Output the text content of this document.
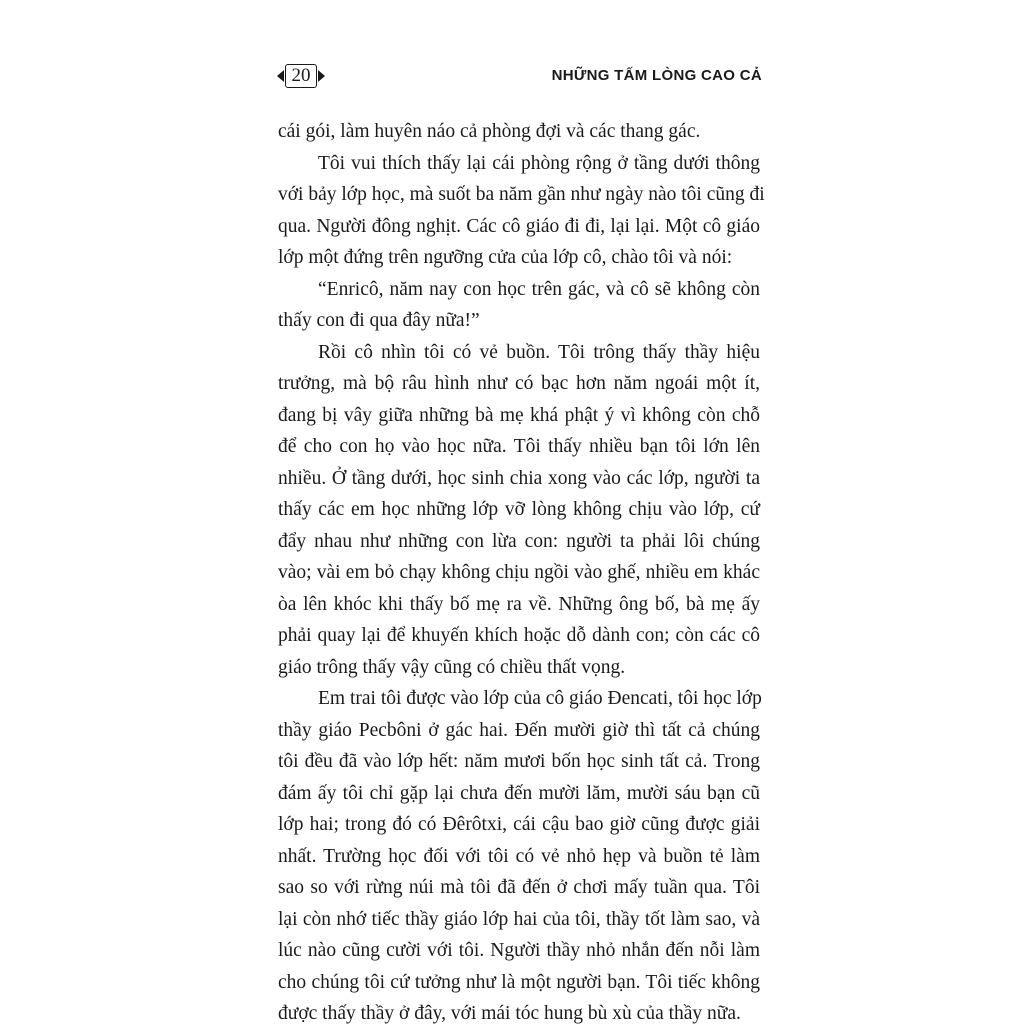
20	NHỮNG TẤM LÒNG CAO CẢ
cái gói, làm huyên náo cả phòng đợi và các thang gác.
Tôi vui thích thấy lại cái phòng rộng ở tầng dưới thông
với bảy lớp học, mà suốt ba năm gần như ngày nào tôi cũng đi
qua. Người đông nghịt. Các cô giáo đi đi, lại lại. Một cô giáo
lớp một đứng trên ngưỡng cửa của lớp cô, chào tôi và nói:
“Enricô, năm nay con học trên gác, và cô sẽ không còn
thấy con đi qua đây nữa!”
Rồi cô nhìn tôi có vẻ buồn. Tôi trông thấy thầy hiệu
trưởng, mà bộ râu hình như có bạc hơn năm ngoái một ít,
đang bị vây giữa những bà mẹ khá phật ý vì không còn chỗ
để cho con họ vào học nữa. Tôi thấy nhiều bạn tôi lớn lên
nhiều. Ở tầng dưới, học sinh chia xong vào các lớp, người ta
thấy các em học những lớp vỡ lòng không chịu vào lớp, cứ
đẩy nhau như những con lừa con: người ta phải lôi chúng
vào; vài em bỏ chạy không chịu ngồi vào ghế, nhiều em khác
òa lên khóc khi thấy bố mẹ ra về. Những ông bố, bà mẹ ấy
phải quay lại để khuyến khích hoặc dỗ dành con; còn các cô
giáo trông thấy vậy cũng có chiều thất vọng.
Em trai tôi được vào lớp của cô giáo Đencati, tôi học lớp
thầy giáo Pecbôni ở gác hai. Đến mười giờ thì tất cả chúng
tôi đều đã vào lớp hết: năm mươi bốn học sinh tất cả. Trong
đám ấy tôi chỉ gặp lại chưa đến mười lăm, mười sáu bạn cũ
lớp hai; trong đó có Đêrôtxi, cái cậu bao giờ cũng được giải
nhất. Trường học đối với tôi có vẻ nhỏ hẹp và buồn tẻ làm
sao so với rừng núi mà tôi đã đến ở chơi mấy tuần qua. Tôi
lại còn nhớ tiếc thầy giáo lớp hai của tôi, thầy tốt làm sao, và
lúc nào cũng cười với tôi. Người thầy nhỏ nhắn đến nỗi làm
cho chúng tôi cứ tưởng như là một người bạn. Tôi tiếc không
được thấy thầy ở đây, với mái tóc hung bù xù của thầy nữa.
